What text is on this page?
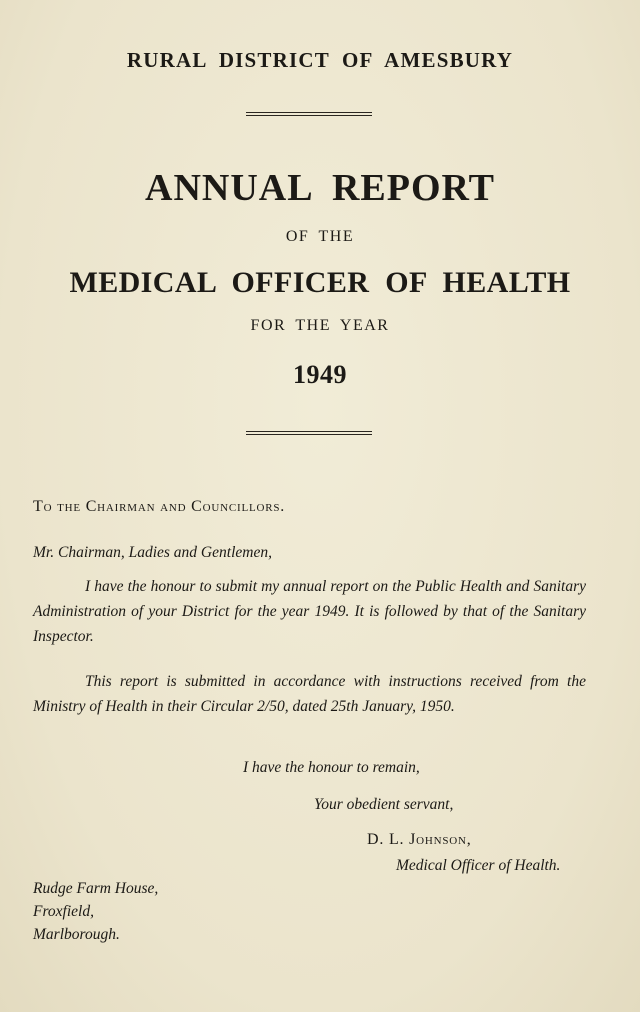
RURAL DISTRICT OF AMESBURY
ANNUAL REPORT
OF THE
MEDICAL OFFICER OF HEALTH
FOR THE YEAR
1949
To the Chairman and Councillors.
Mr. Chairman, Ladies and Gentlemen,
I have the honour to submit my annual report on the Public Health and Sanitary Administration of your District for the year 1949. It is followed by that of the Sanitary Inspector.
This report is submitted in accordance with instructions received from the Ministry of Health in their Circular 2/50, dated 25th January, 1950.
I have the honour to remain,
Your obedient servant,
D. L. Johnson,
Medical Officer of Health.
Rudge Farm House,
Froxfield,
Marlborough.
